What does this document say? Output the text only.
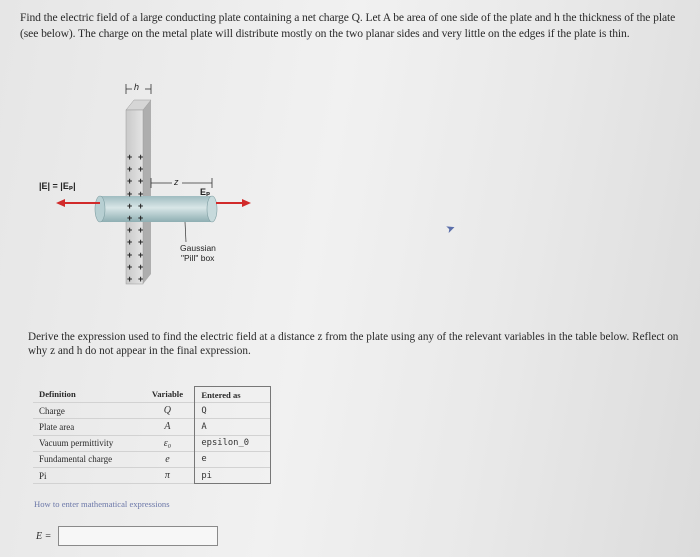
Find the electric field of a large conducting plate containing a net charge Q. Let A be area of one side of the plate and h the thickness of the plate (see below). The charge on the metal plate will distribute mostly on the two planar sides and very little on the edges if the plate is thin.
+ +
+ +
+ +
+ +
+ +
+ +
+ +
+ +
+ +
+ +
+ +
|E| = |Eₚ|
h
z
Eₚ
Gaussian
"Pill" box
➤
Derive the expression used to find the electric field at a distance z from the plate using any of the relevant variables in the table below. Reflect on why z and h do not appear in the final expression.
Definition	Variable	Entered as
Charge	Q	Q
Plate area	A	A
Vacuum permittivity	ε₀	epsilon_0
Fundamental charge	e	e
Pi	π	pi
How to enter mathematical expressions
E =
